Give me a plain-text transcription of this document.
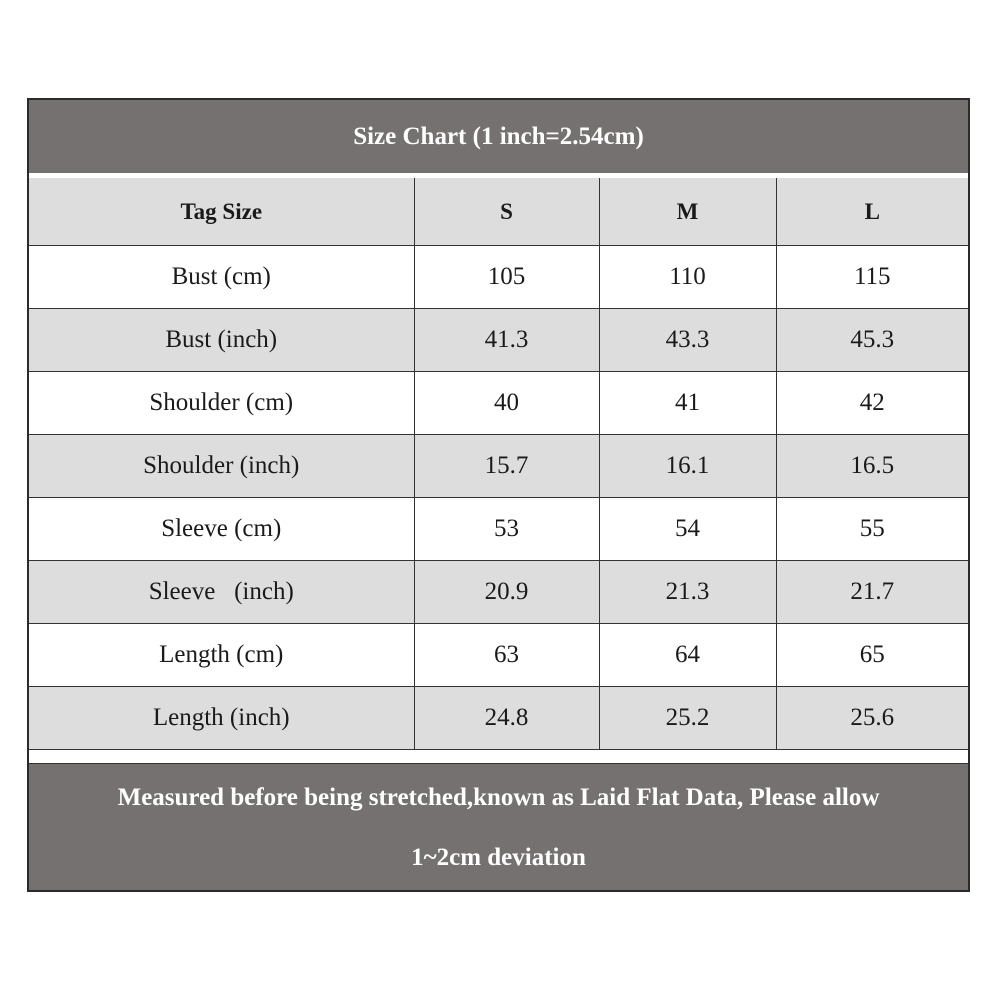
Size Chart (1 inch=2.54cm)
Tag Size	S	M	L
Bust (cm)	105	110	115
Bust (inch)	41.3	43.3	45.3
Shoulder (cm)	40	41	42
Shoulder (inch)	15.7	16.1	16.5
Sleeve (cm)	53	54	55
Sleeve   (inch)	20.9	21.3	21.7
Length (cm)	63	64	65
Length (inch)	24.8	25.2	25.6
Measured before being stretched,known as Laid Flat Data, Please allow
1~2cm deviation
